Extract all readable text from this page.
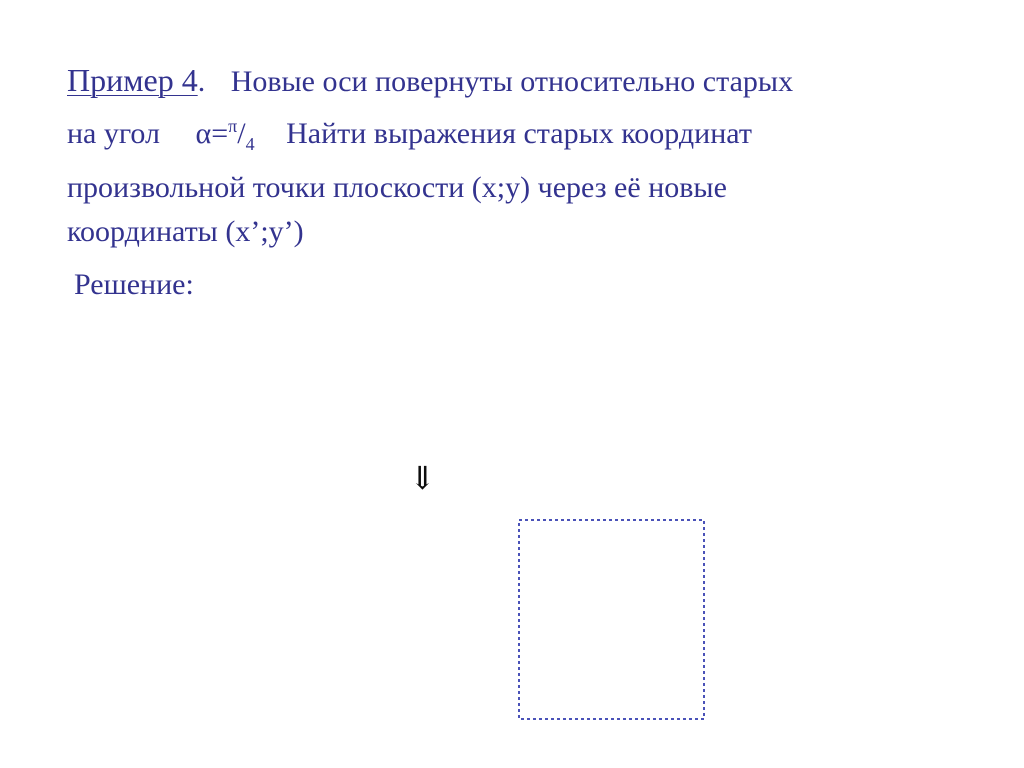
Пример 4. Новые оси повернуты относительно старых
на угол $\alpha=^\pi/_4$ Найти выражения старых координат
произвольной точки плоскости (x;y) через её новые
координаты (x’;y’)
Решение:
⇓
